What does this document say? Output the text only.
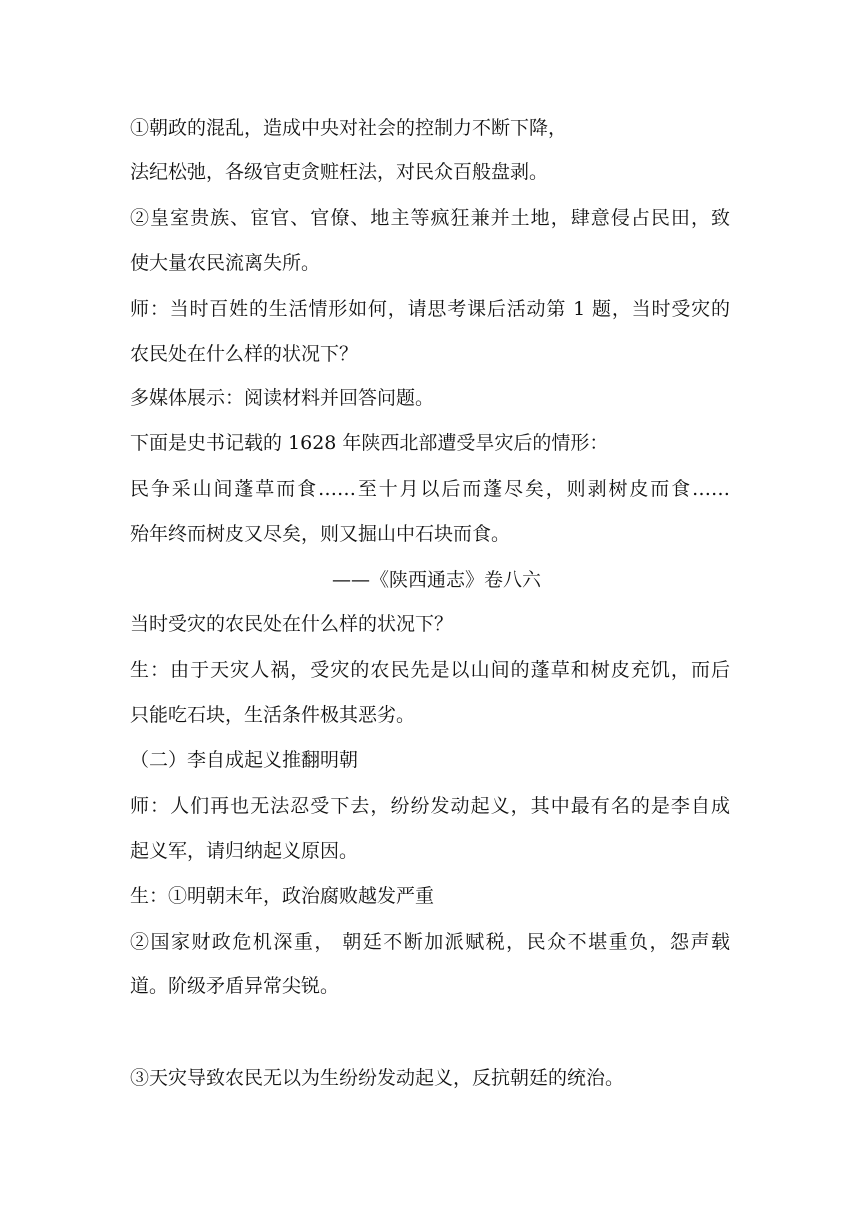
①朝政的混乱，造成中央对社会的控制力不断下降，
法纪松弛，各级官吏贪赃枉法，对民众百般盘剥。
②皇室贵族、宦官、官僚、地主等疯狂兼并土地，肆意侵占民田，致
使大量农民流离失所。
师：当时百姓的生活情形如何，请思考课后活动第 1 题，当时受灾的
农民处在什么样的状况下？
多媒体展示：阅读材料并回答问题。
下面是史书记载的 1628 年陕西北部遭受旱灾后的情形：
民争采山间蓬草而食……至十月以后而蓬尽矣，则剥树皮而食……
殆年终而树皮又尽矣，则又掘山中石块而食。
——《陕西通志》卷八六
当时受灾的农民处在什么样的状况下？
生：由于天灾人祸，受灾的农民先是以山间的蓬草和树皮充饥，而后
只能吃石块，生活条件极其恶劣。
（二）李自成起义推翻明朝
师：人们再也无法忍受下去，纷纷发动起义，其中最有名的是李自成
起义军，请归纳起义原因。
生：①明朝末年，政治腐败越发严重
②国家财政危机深重， 朝廷不断加派赋税，民众不堪重负，怨声载
道。阶级矛盾异常尖锐。
③天灾导致农民无以为生纷纷发动起义，反抗朝廷的统治。
